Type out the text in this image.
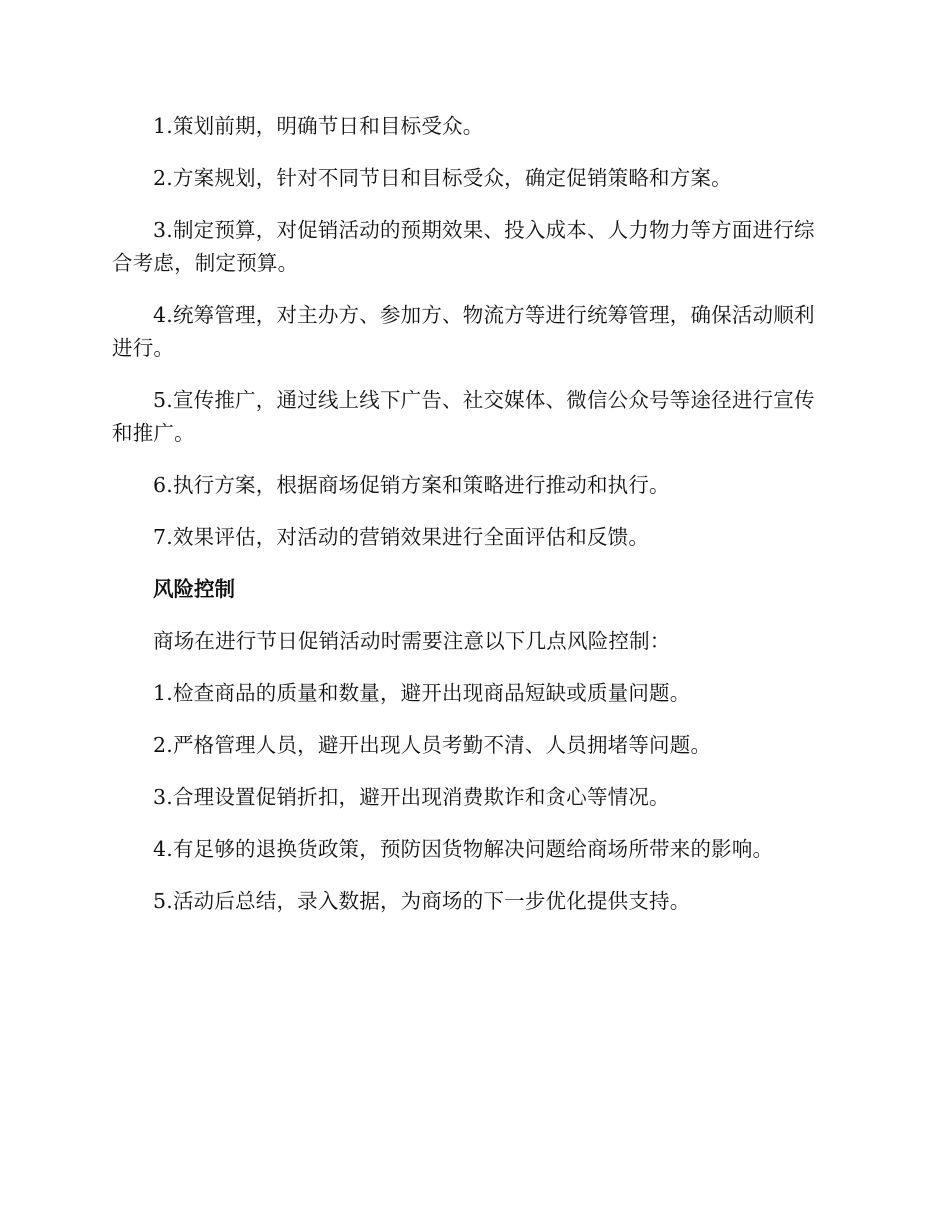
1.策划前期，明确节日和目标受众。

2.方案规划，针对不同节日和目标受众，确定促销策略和方案。

3.制定预算，对促销活动的预期效果、投入成本、人力物力等方面进行综合考虑，制定预算。

4.统筹管理，对主办方、参加方、物流方等进行统筹管理，确保活动顺利进行。

5.宣传推广，通过线上线下广告、社交媒体、微信公众号等途径进行宣传和推广。

6.执行方案，根据商场促销方案和策略进行推动和执行。

7.效果评估，对活动的营销效果进行全面评估和反馈。

风险控制

商场在进行节日促销活动时需要注意以下几点风险控制：

1.检查商品的质量和数量，避开出现商品短缺或质量问题。

2.严格管理人员，避开出现人员考勤不清、人员拥堵等问题。

3.合理设置促销折扣，避开出现消费欺诈和贪心等情况。

4.有足够的退换货政策，预防因货物解决问题给商场所带来的影响。

5.活动后总结，录入数据，为商场的下一步优化提供支持。
